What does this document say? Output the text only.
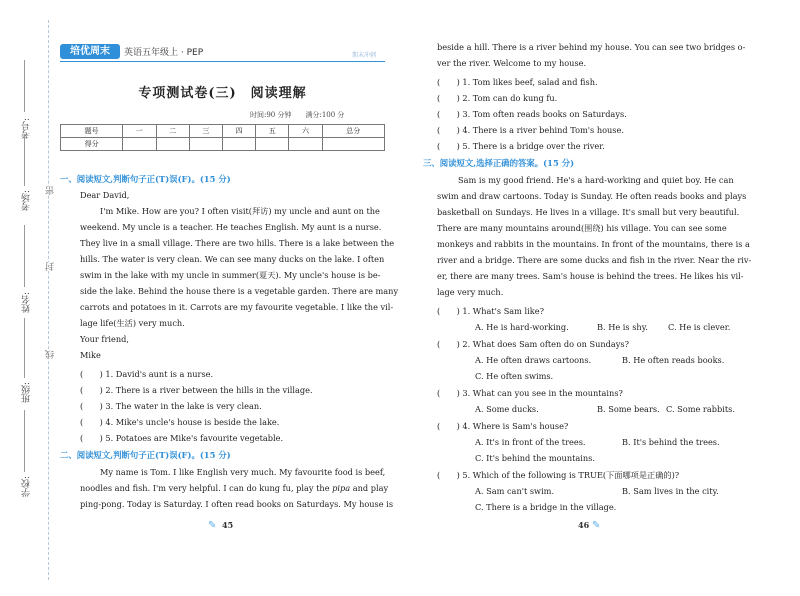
考号:
考场:
姓名:
班级:
学校:
密
封
线
培优周末	英语五年级上 · PEP	期末冲刺
专项测试卷(三)　阅读理解
时间:90 分钟　　满分:100 分
题号	一	二	三	四	五	六	总分
得分							
一、阅读短文,判断句子正(T)误(F)。(15 分)
Dear David,
I'm Mike. How are you? I often visit(拜访) my uncle and aunt on the
weekend. My uncle is a teacher. He teaches English. My aunt is a nurse.
They live in a small village. There are two hills. There is a lake between the
hills. The water is very clean. We can see many ducks on the lake. I often
swim in the lake with my uncle in summer(夏天). My uncle's house is be-
side the lake. Behind the house there is a vegetable garden. There are many
carrots and potatoes in it. Carrots are my favourite vegetable. I like the vil-
lage life(生活) very much.
Your friend,
Mike
(　　) 1. David's aunt is a nurse.
(　　) 2. There is a river between the hills in the village.
(　　) 3. The water in the lake is very clean.
(　　) 4. Mike's uncle's house is beside the lake.
(　　) 5. Potatoes are Mike's favourite vegetable.
二、阅读短文,判断句子正(T)误(F)。(15 分)
My name is Tom. I like English very much. My favourite food is beef,
noodles and fish. I'm very helpful. I can do kung fu, play the pipa and play
ping-pong. Today is Saturday. I often read books on Saturdays. My house is
✎ 45
beside a hill. There is a river behind my house. You can see two bridges o-
ver the river. Welcome to my house.
(　　) 1. Tom likes beef, salad and fish.
(　　) 2. Tom can do kung fu.
(　　) 3. Tom often reads books on Saturdays.
(　　) 4. There is a river behind Tom's house.
(　　) 5. There is a bridge over the river.
三、阅读短文,选择正确的答案。(15 分)
Sam is my good friend. He's a hard-working and quiet boy. He can
swim and draw cartoons. Today is Sunday. He often reads books and plays
basketball on Sundays. He lives in a village. It's small but very beautiful.
There are many mountains around(围绕) his village. You can see some
monkeys and rabbits in the mountains. In front of the mountains, there is a
river and a bridge. There are some ducks and fish in the river. Near the riv-
er, there are many trees. Sam's house is behind the trees. He likes his vil-
lage very much.
(　　) 1. What's Sam like?
A. He is hard-working.	B. He is shy. C. He is clever.
(　　) 2. What does Sam often do on Sundays?
A. He often draws cartoons.	B. He often reads books.
C. He often swims.
(　　) 3. What can you see in the mountains?
A. Some ducks.	B. Some bears. C. Some rabbits.
(　　) 4. Where is Sam's house?
A. It's in front of the trees.	B. It's behind the trees.
C. It's behind the mountains.
(　　) 5. Which of the following is TRUE(下面哪项是正确的)?
A. Sam can't swim.	B. Sam lives in the city.
C. There is a bridge in the village.
46 ✎
